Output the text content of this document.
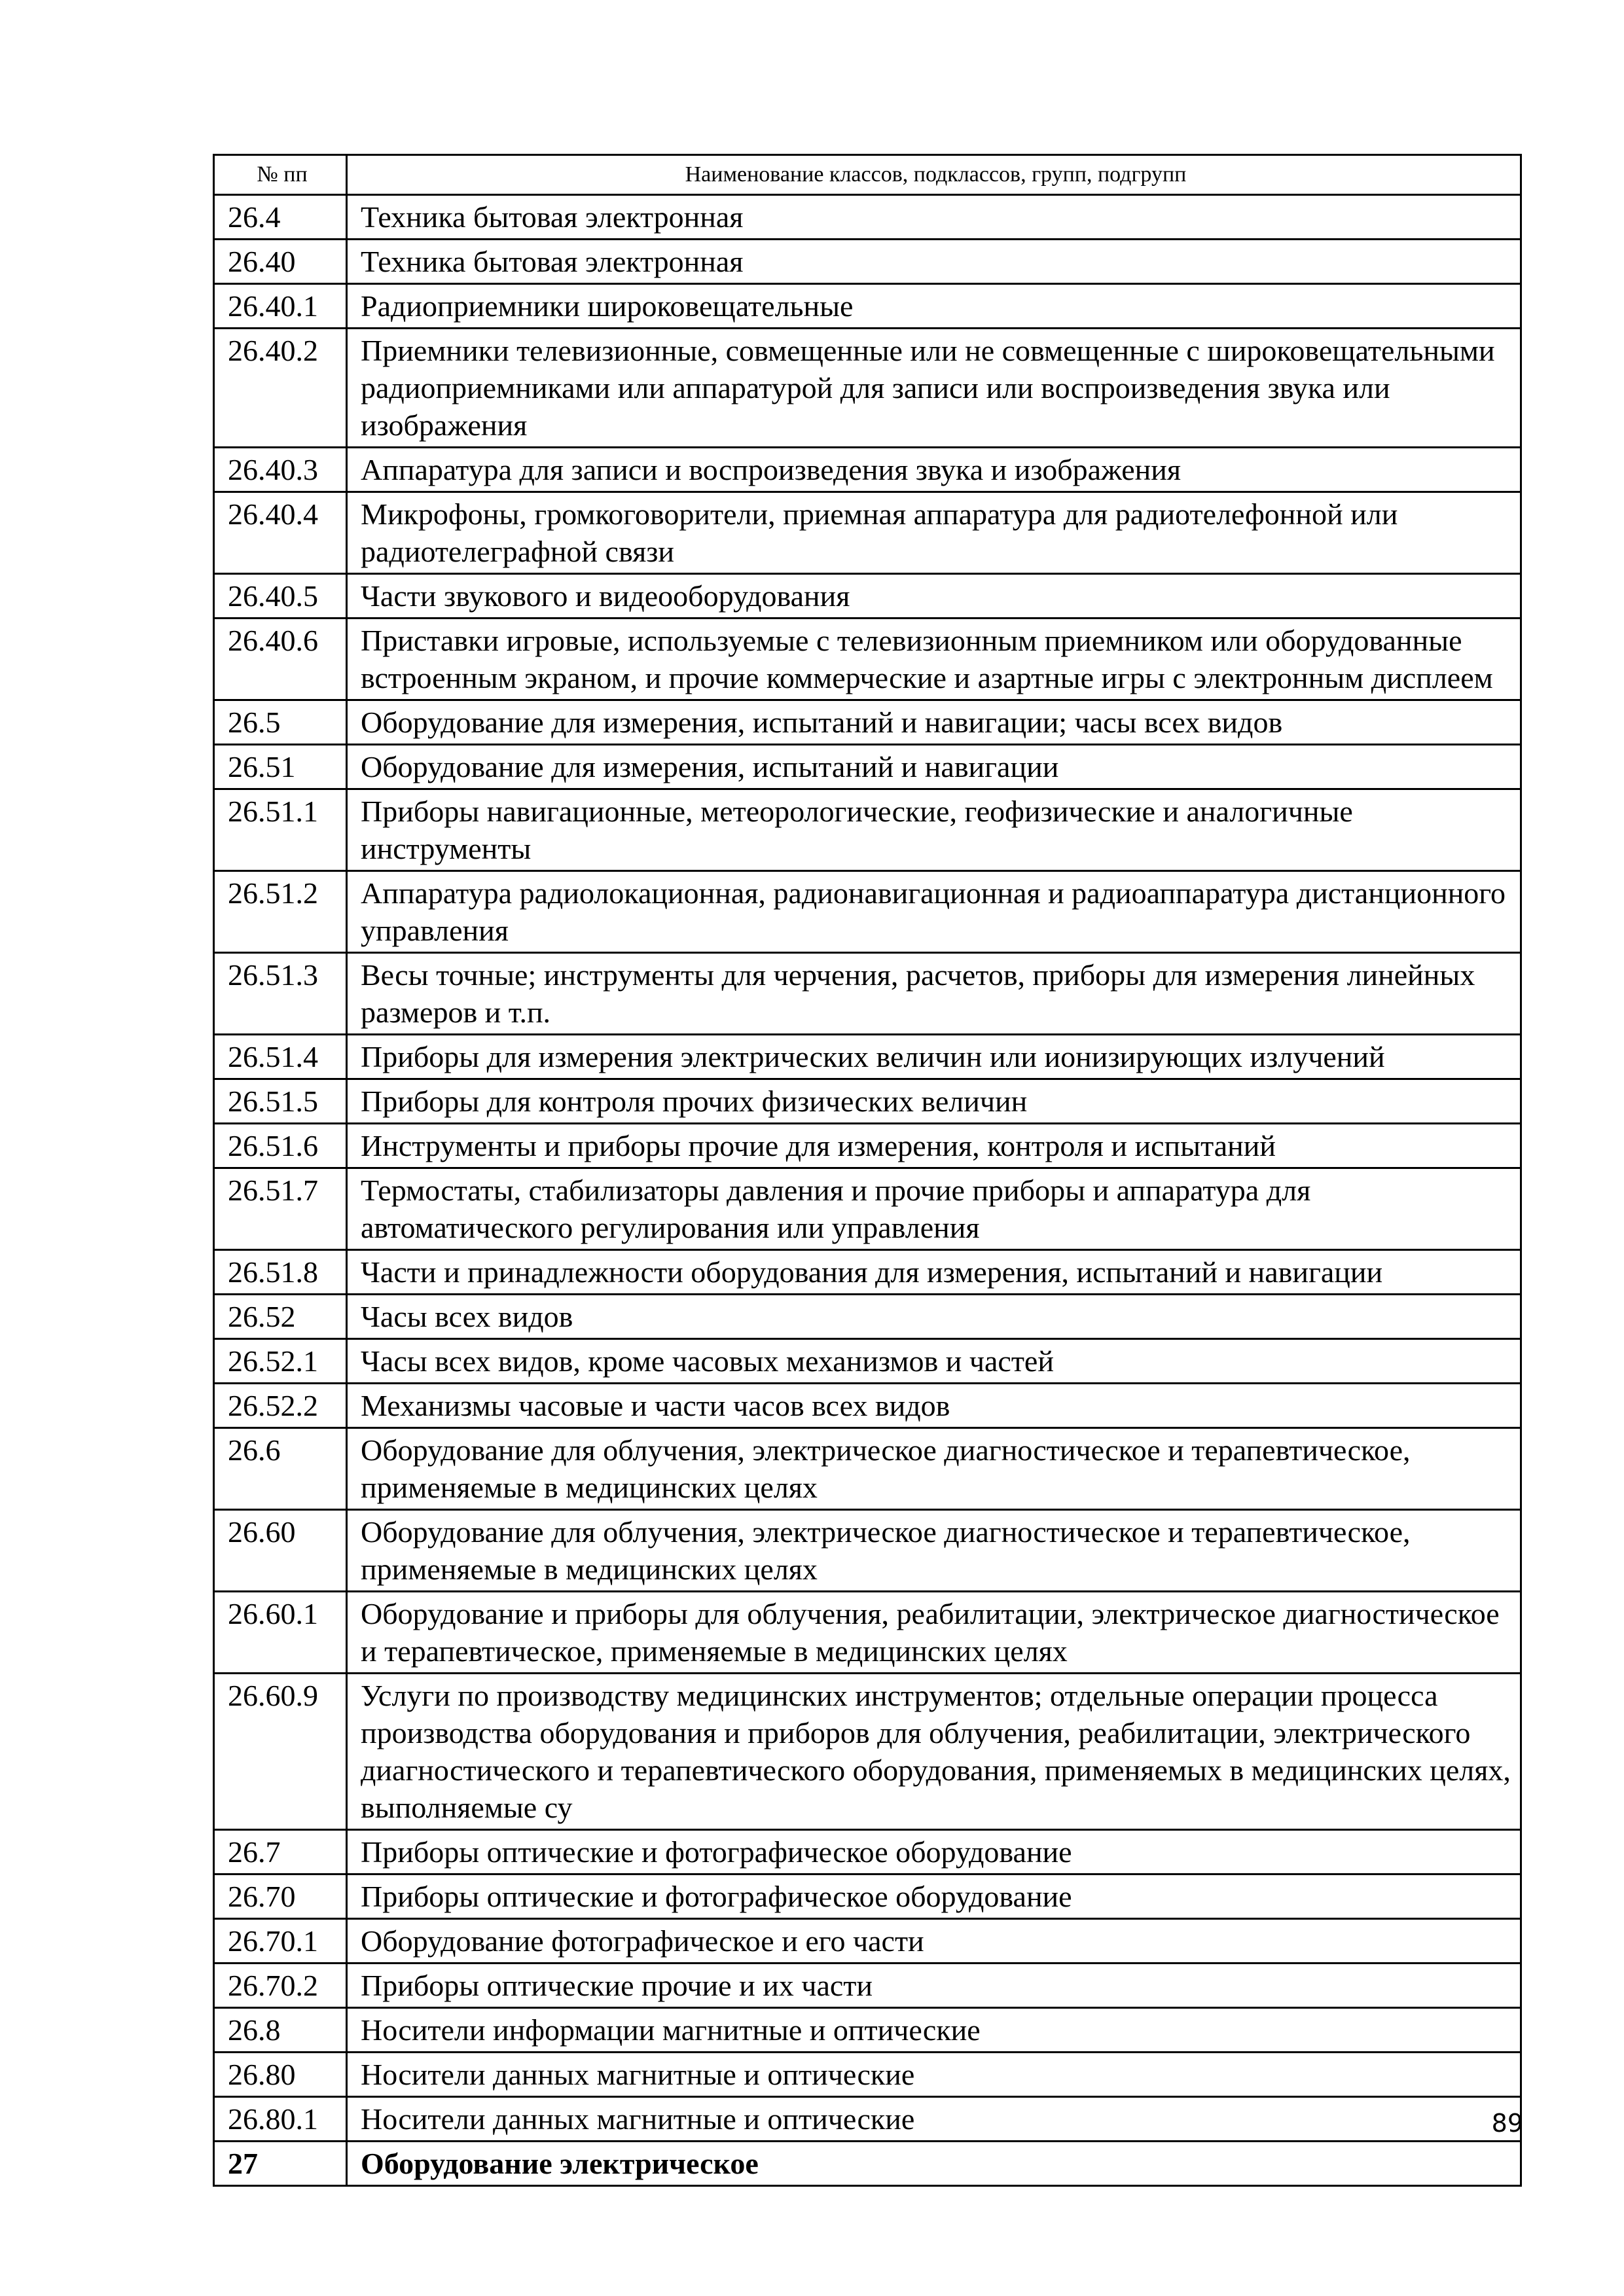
№ пп	Наименование классов, подклассов, групп, подгрупп
26.4	Техника бытовая электронная
26.40	Техника бытовая электронная
26.40.1	Радиоприемники широковещательные
26.40.2	Приемники телевизионные, совмещенные или не совмещенные с широковещательными радиоприемниками или аппаратурой для записи или воспроизведения звука или изображения
26.40.3	Аппаратура для записи и воспроизведения звука и изображения
26.40.4	Микрофоны, громкоговорители, приемная аппаратура для радиотелефонной или радиотелеграфной связи
26.40.5	Части звукового и видеооборудования
26.40.6	Приставки игровые, используемые с телевизионным приемником или оборудованные встроенным экраном, и прочие коммерческие и азартные игры с электронным дисплеем
26.5	Оборудование для измерения, испытаний и навигации; часы всех видов
26.51	Оборудование для измерения, испытаний и навигации
26.51.1	Приборы навигационные, метеорологические, геофизические и аналогичные инструменты
26.51.2	Аппаратура радиолокационная, радионавигационная и радиоаппаратура дистанционного управления
26.51.3	Весы точные; инструменты для черчения, расчетов, приборы для измерения линейных размеров и т.п.
26.51.4	Приборы для измерения электрических величин или ионизирующих излучений
26.51.5	Приборы для контроля прочих физических величин
26.51.6	Инструменты и приборы прочие для измерения, контроля и испытаний
26.51.7	Термостаты, стабилизаторы давления и прочие приборы и аппаратура для автоматического регулирования или управления
26.51.8	Части и принадлежности оборудования для измерения, испытаний и навигации
26.52	Часы всех видов
26.52.1	Часы всех видов, кроме часовых механизмов и частей
26.52.2	Механизмы часовые и части часов всех видов
26.6	Оборудование для облучения, электрическое диагностическое и терапевтическое, применяемые в медицинских целях
26.60	Оборудование для облучения, электрическое диагностическое и терапевтическое, применяемые в медицинских целях
26.60.1	Оборудование и приборы для облучения, реабилитации, электрическое диагностическое и терапевтическое, применяемые в медицинских целях
26.60.9	Услуги по производству медицинских инструментов; отдельные операции процесса производства оборудования и приборов для облучения, реабилитации, электрического диагностического и терапевтического оборудования, применяемых в медицинских целях, выполняемые су
26.7	Приборы оптические и фотографическое оборудование
26.70	Приборы оптические и фотографическое оборудование
26.70.1	Оборудование фотографическое и его части
26.70.2	Приборы оптические прочие и их части
26.8	Носители информации магнитные и оптические
26.80	Носители данных магнитные и оптические
26.80.1	Носители данных магнитные и оптические
27	Оборудование электрическое
89
